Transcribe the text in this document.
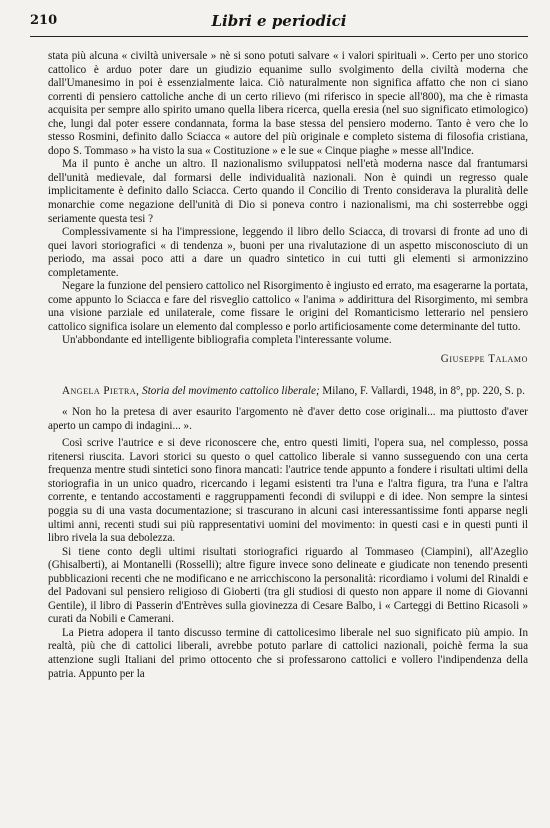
210	Libri e periodici

stata più alcuna « civiltà universale » nè si sono potuti salvare « i valori spirituali ». Certo per uno storico cattolico è arduo poter dare un giudizio equanime sullo svolgimento della civiltà moderna che dall'Umanesimo in poi è essenzialmente laica. Ciò naturalmente non significa affatto che non ci siano correnti di pensiero cattoliche anche di un certo rilievo (mi riferisco in specie all'800), ma che è rimasta acquisita per sempre allo spirito umano quella libera ricerca, quella eresia (nel suo significato etimologico) che, lungi dal poter essere condannata, forma la base stessa del pensiero moderno. Tanto è vero che lo stesso Rosmini, definito dallo Sciacca « autore del più originale e completo sistema di filosofia cristiana, dopo S. Tommaso » ha visto la sua « Costituzione » e le sue « Cinque piaghe » messe all'Indice.

Ma il punto è anche un altro. Il nazionalismo sviluppatosi nell'età moderna nasce dal frantumarsi dell'unità medievale, dal formarsi delle individualità nazionali. Non è quindi un regresso quale implicitamente è definito dallo Sciacca. Certo quando il Concilio di Trento considerava la pluralità delle monarchie come negazione dell'unità di Dio si poneva contro i nazionalismi, ma chi sosterrebbe oggi seriamente questa tesi ?

Complessivamente si ha l'impressione, leggendo il libro dello Sciacca, di trovarsi di fronte ad uno di quei lavori storiografici « di tendenza », buoni per una rivalutazione di un aspetto misconosciuto di un periodo, ma assai poco atti a dare un quadro sintetico in cui tutti gli elementi si armonizzino completamente.

Negare la funzione del pensiero cattolico nel Risorgimento è ingiusto ed errato, ma esagerarne la portata, come appunto lo Sciacca e fare del risveglio cattolico « l'anima » addirittura del Risorgimento, mi sembra una visione parziale ed unilaterale, come fissare le origini del Romanticismo letterario nel pensiero cattolico significa isolare un elemento dal complesso e porlo artificiosamente come determinante del tutto.

Un'abbondante ed intelligente bibliografia completa l'interessante volume.

Giuseppe Talamo

Angela Pietra, Storia del movimento cattolico liberale; Milano, F. Vallardi, 1948, in 8°, pp. 220, S. p.

« Non ho la pretesa di aver esaurito l'argomento nè d'aver detto cose originali... ma piuttosto d'aver aperto un campo di indagini... ».

Così scrive l'autrice e si deve riconoscere che, entro questi limiti, l'opera sua, nel complesso, possa ritenersi riuscita. Lavori storici su questo o quel cattolico liberale si vanno susseguendo con una certa frequenza mentre studi sintetici sono finora mancati: l'autrice tende appunto a fondere i risultati ultimi della storiografia in un unico quadro, ricercando i legami esistenti tra l'una e l'altra figura, tra l'una e l'altra corrente, e tentando accostamenti e raggruppamenti fecondi di sviluppi e di idee. Non sempre la sintesi poggia su di una vasta documentazione; si trascurano in alcuni casi interessantissime fonti apparse negli ultimi anni, recenti studi sui più rappresentativi uomini del movimento: in questi casi e in questi punti il libro rivela la sua debolezza.

Si tiene conto degli ultimi risultati storiografici riguardo al Tommaseo (Ciampini), all'Azeglio (Ghisalberti), ai Montanelli (Rosselli); altre figure invece sono delineate e giudicate non tenendo presenti pubblicazioni recenti che ne modificano e ne arricchiscono la personalità: ricordiamo i volumi del Rinaldi e del Padovani sul pensiero religioso di Gioberti (tra gli studiosi di questo non appare il nome di Giovanni Gentile), il libro di Passerin d'Entrèves sulla giovinezza di Cesare Balbo, i « Carteggi di Bettino Ricasoli » curati da Nobili e Camerani.

La Pietra adopera il tanto discusso termine di cattolicesimo liberale nel suo significato più ampio. In realtà, più che di cattolici liberali, avrebbe potuto parlare di cattolici nazionali, poichè ferma la sua attenzione sugli Italiani del primo ottocento che si professarono cattolici e vollero l'indipendenza della patria. Appunto per la
